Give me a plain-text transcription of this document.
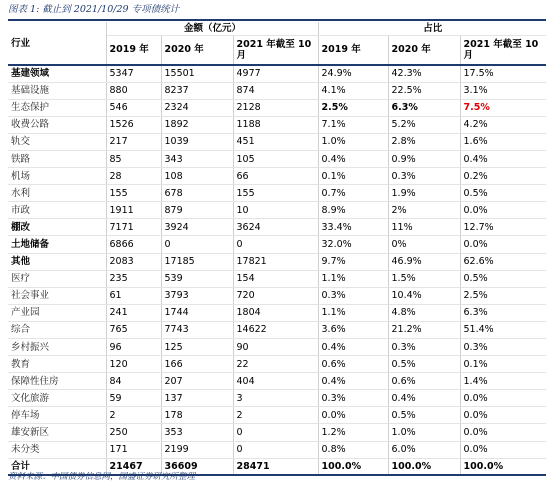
图表 1: 截止到 2021/10/29 专项债统计
行业	金额（亿元）			占比		
	2019 年	2020 年	2021 年截至 10 月	2019 年	2020 年	2021 年截至 10 月
基建领域	5347	15501	4977	24.9%	42.3%	17.5%
基础设施	880	8237	874	4.1%	22.5%	3.1%
生态保护	546	2324	2128	2.5%	6.3%	7.5%
收费公路	1526	1892	1188	7.1%	5.2%	4.2%
轨交	217	1039	451	1.0%	2.8%	1.6%
铁路	85	343	105	0.4%	0.9%	0.4%
机场	28	108	66	0.1%	0.3%	0.2%
水利	155	678	155	0.7%	1.9%	0.5%
市政	1911	879	10	8.9%	2%	0.0%
棚改	7171	3924	3624	33.4%	11%	12.7%
土地储备	6866	0	0	32.0%	0%	0.0%
其他	2083	17185	17821	9.7%	46.9%	62.6%
医疗	235	539	154	1.1%	1.5%	0.5%
社会事业	61	3793	720	0.3%	10.4%	2.5%
产业园	241	1744	1804	1.1%	4.8%	6.3%
综合	765	7743	14622	3.6%	21.2%	51.4%
乡村振兴	96	125	90	0.4%	0.3%	0.3%
教育	120	166	22	0.6%	0.5%	0.1%
保障性住房	84	207	404	0.4%	0.6%	1.4%
文化旅游	59	137	3	0.3%	0.4%	0.0%
停车场	2	178	2	0.0%	0.5%	0.0%
雄安新区	250	353	0	1.2%	1.0%	0.0%
未分类	171	2199	0	0.8%	6.0%	0.0%
合计	21467	36609	28471	100.0%	100.0%	100.0%
资料来源：中国债券信息网，国盛证券研究所整理
